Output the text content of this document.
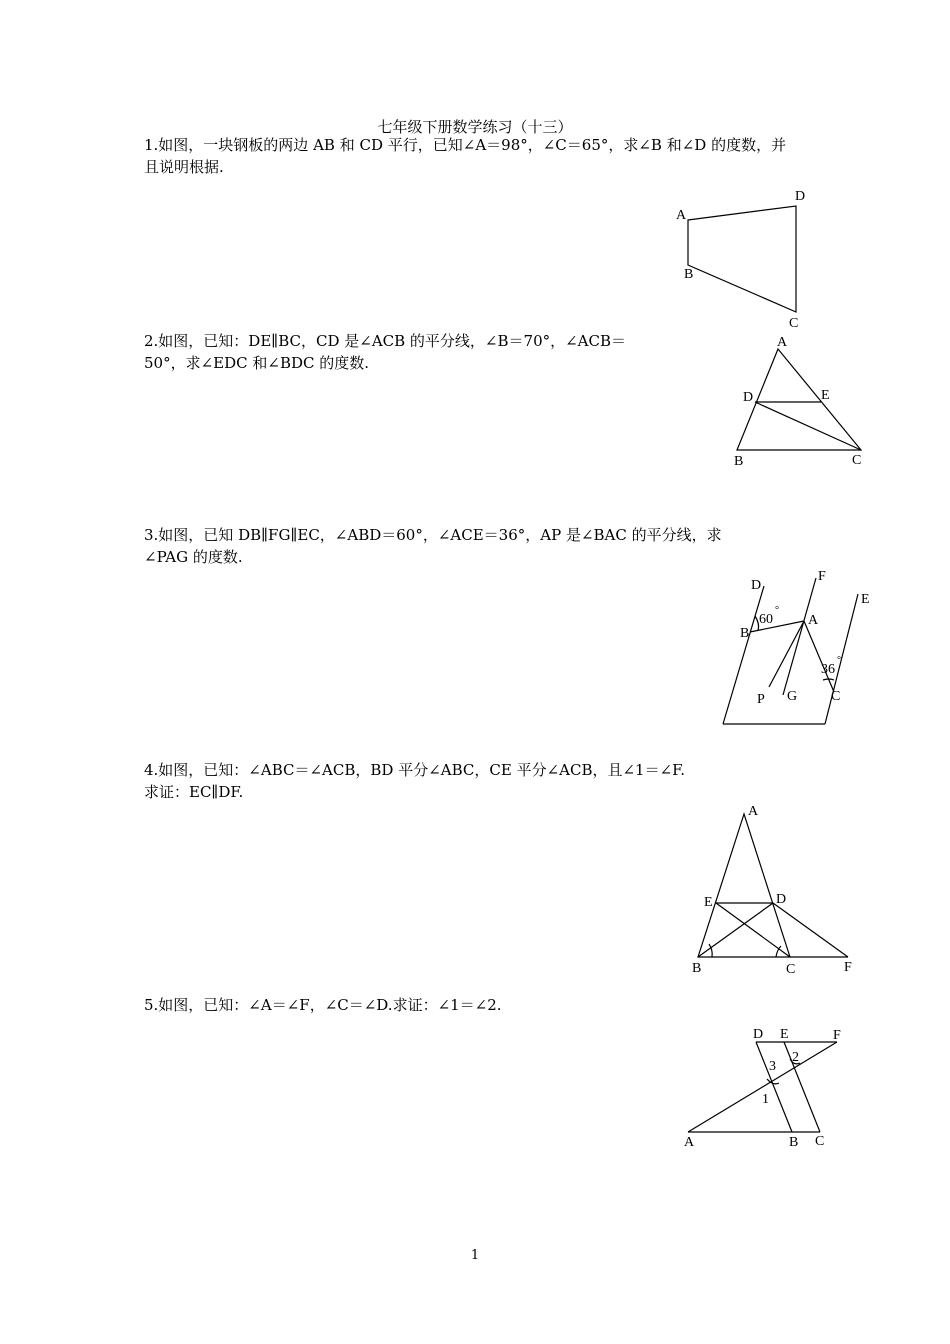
七年级下册数学练习（十三）

1.如图，一块钢板的两边 AB 和 CD 平行，已知∠A＝98°，∠C＝65°，求∠B 和∠D 的度数，并

且说明根据.

2.如图，已知：DE∥BC，CD 是∠ACB 的平分线，∠B＝70°，∠ACB＝

50°，求∠EDC 和∠BDC 的度数.

3.如图，已知 DB∥FG∥EC，∠ABD＝60°，∠ACE＝36°，AP 是∠BAC 的平分线，求

∠PAG 的度数.

4.如图，已知：∠ABC＝∠ACB，BD 平分∠ABC，CE 平分∠ACB，且∠1＝∠F.

求证：EC∥DF.

5.如图，已知：∠A＝∠F，∠C＝∠D.求证：∠1＝∠2.

A
D
B
C
A
D	E
B	C
D
F
E
B
A
60
°
36
°
P G C
A
E	D
B	C	F
D E	F
3
2
1
A	B C
1
